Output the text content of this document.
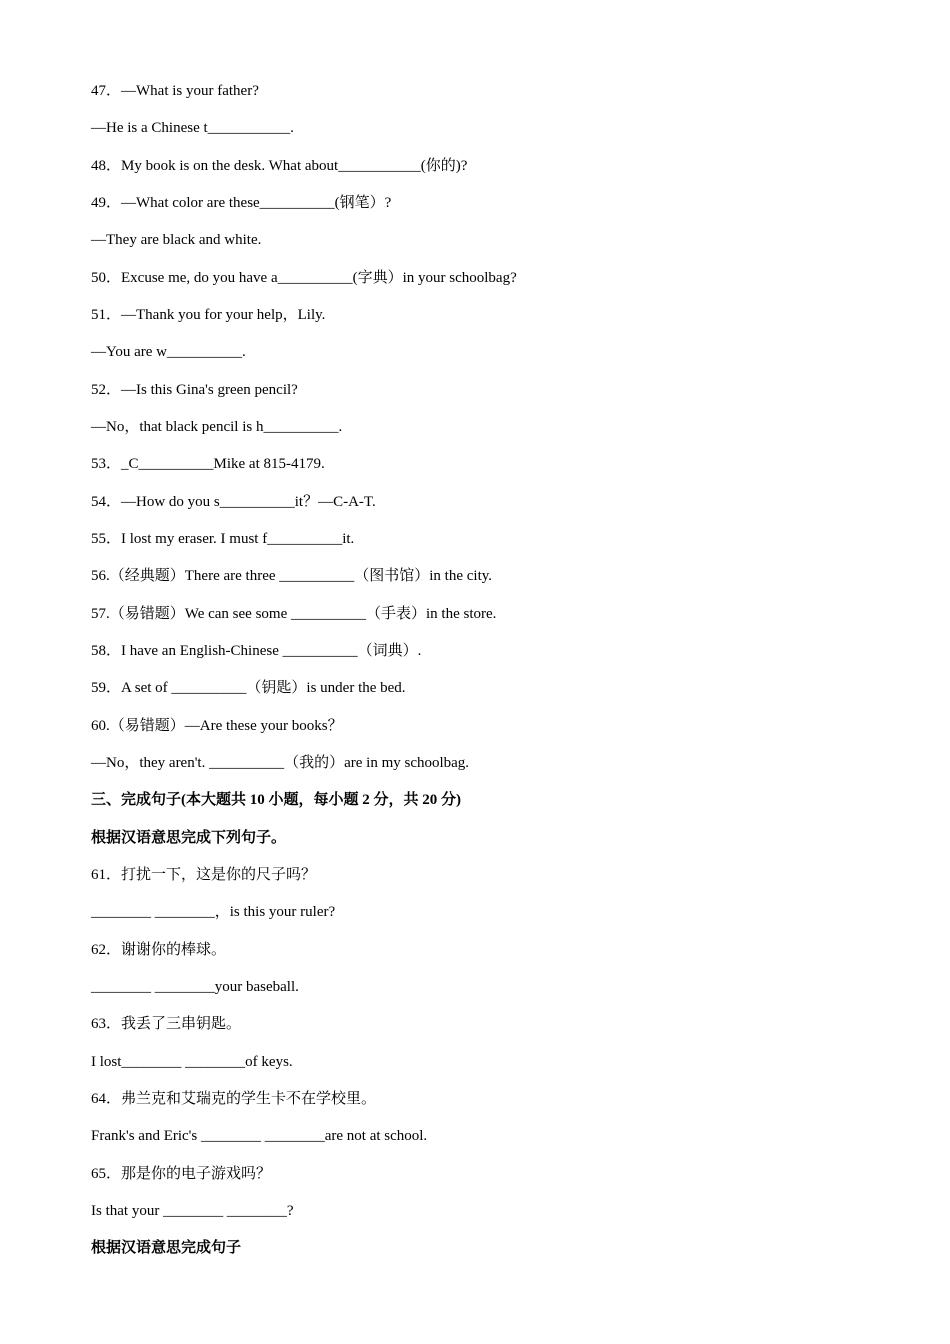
47．—What is your father?
—He is a Chinese t___________.
48．My book is on the desk. What about___________(你的)?
49．—What color are these__________(钢笔）?
—They are black and white.
50．Excuse me, do you have a__________(字典）in your schoolbag?
51．—Thank you for your help，Lily.
—You are w__________.
52．—Is this Gina's green pencil?
—No，that black pencil is h__________.
53．_C__________Mike at 815-4179.
54．—How do you s__________it？—C-A-T.
55．I lost my eraser. I must f__________it.
56.（经典题）There are three __________（图书馆）in the city.
57.（易错题）We can see some __________（手表）in the store.
58．I have an English-Chinese __________（词典）.
59．A set of __________（钥匙）is under the bed.
60.（易错题）—Are these your books？
—No，they aren't. __________（我的）are in my schoolbag.
三、完成句子(本大题共 10 小题，每小题 2 分，共 20 分)
根据汉语意思完成下列句子。
61．打扰一下，这是你的尺子吗？
________ ________，is this your ruler?
62．谢谢你的棒球。
________ ________your baseball.
63．我丢了三串钥匙。
I lost________ ________of keys.
64．弗兰克和艾瑞克的学生卡不在学校里。
Frank's and Eric's ________ ________are not at school.
65．那是你的电子游戏吗？
Is that your ________ ________?
根据汉语意思完成句子
